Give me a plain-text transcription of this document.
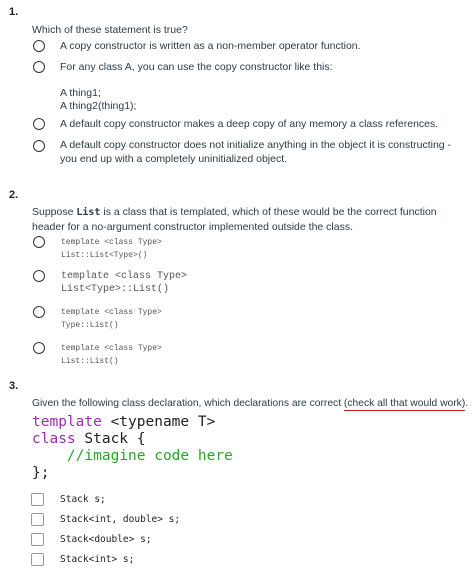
1.
Which of these statement is true?
A copy constructor is written as a non-member operator function.
For any class A, you can use the copy constructor like this:
A thing1;
A thing2(thing1);
A default copy constructor makes a deep copy of any memory a class references.
A default copy constructor does not initialize anything in the object it is constructing - you end up with a completely uninitialized object.
2.
Suppose List is a class that is templated, which of these would be the correct function header for a no-argument constructor implemented outside the class.
template <class Type>
List::List<Type>()
template <class Type>
List<Type>::List()
template <class Type>
Type::List()
template <class Type>
List::List()
3.
Given the following class declaration, which declarations are correct (check all that would work).
template <typename T>
class Stack {
//imagine code here
};
Stack s;
Stack<int, double> s;
Stack<double> s;
Stack<int> s;
